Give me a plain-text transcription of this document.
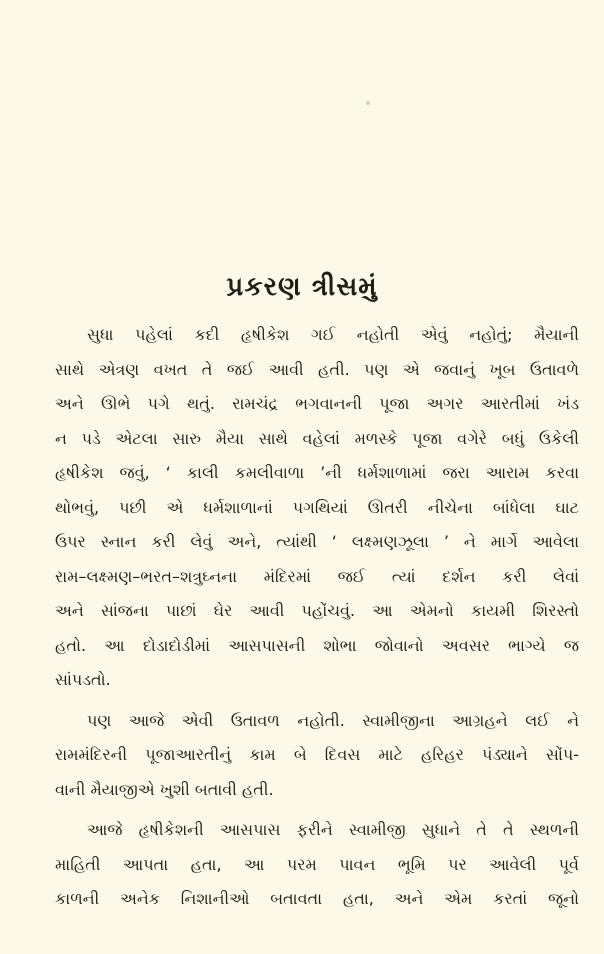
પ્રકરણ ત્રીસમું
સુધા પહેલાં કદી હૃષીકેશ ગઈ નહોતી એવું નહોતું; મૈયાની
સાથે એત્રણ વખત તે જઈ આવી હતી. પણ એ જવાનું ખૂબ ઉતાવળે
અને ઊભે પગે થતું. રામચંદ્ર ભગવાનની પૂજા અગર આરતીમાં ખંડ
ન પડે એટલા સારુ મૈયા સાથે વહેલાં મળસ્કે પૂજા વગેરે બધું ઉકેલી
હૃષીકેશ જવું, ‘ કાલી કમલીવાળા ’ની ધર્મશાળામાં જરા આરામ કરવા
થોભવું, પછી એ ધર્મશાળાનાં પગથિયાં ઊતરી નીચેના બાંધેલા ઘાટ
ઉપર સ્નાન કરી લેવું અને, ત્યાંથી ‘ લક્ષ્મણઝૂલા ’ ને માર્ગે આવેલા
રામ–લક્ષ્મણ–ભરત–શત્રુઘ્નના મંદિરમાં જઈ ત્યાં દર્શન કરી લેવાં
અને સાંજના પાછાં ઘેર આવી પહોંચવું. આ એમનો કાયમી શિરસ્તો
હતો. આ દોડાદોડીમાં આસપાસની શોભા જોવાનો અવસર ભાગ્યે જ
સાંપડતો.
પણ આજે એવી ઉતાવળ નહોતી. સ્વામીજીના આગ્રહને લઈ ને
રામમંદિરની પૂજાઆરતીનું કામ બે દિવસ માટે હરિહર પંડ્યાને સોંપ-
વાની મૈયાજીએ ખુશી બતાવી હતી.
આજે હૃષીકેશની આસપાસ ફરીને સ્વામીજી સુધાને તે તે સ્થળની
માહિતી આપતા હતા, આ પરમ પાવન ભૂમિ પર આવેલી પૂર્વ
કાળની અનેક નિશાનીઓ બતાવતા હતા, અને એમ કરતાં જૂનો
